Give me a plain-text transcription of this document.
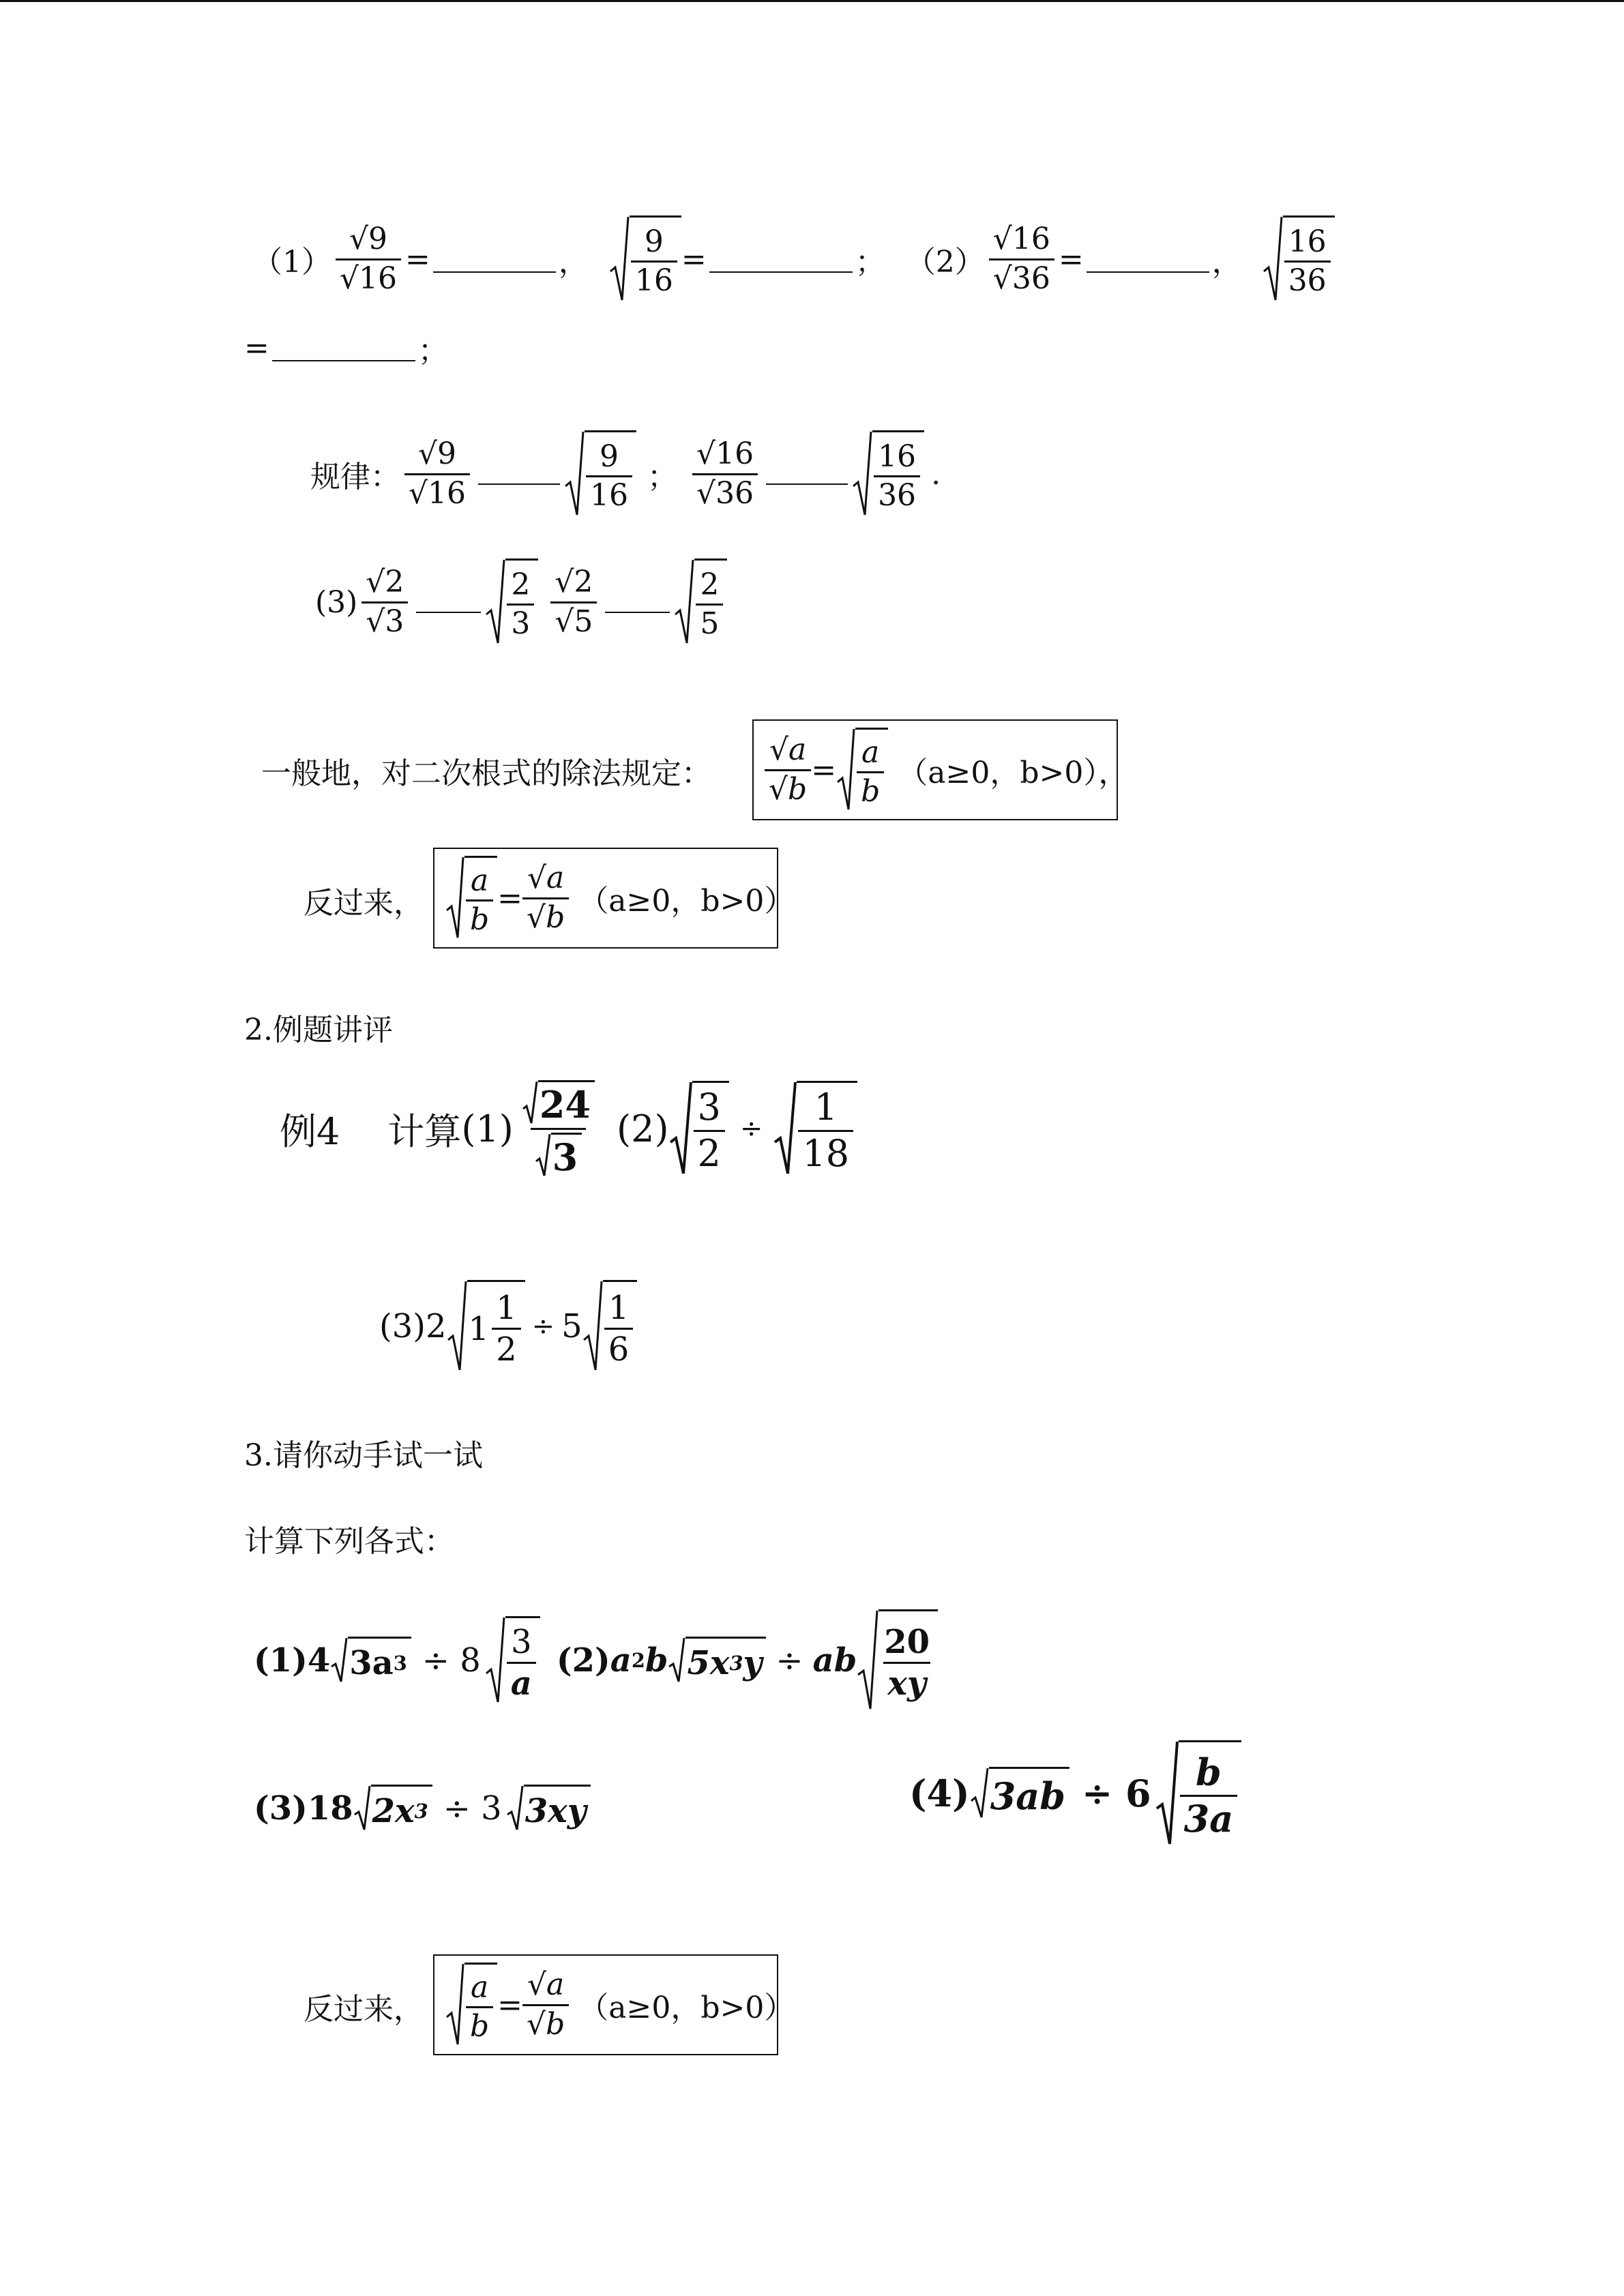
$(1) \frac{√9}{√16}$ =	， $\frac{9}{16}$ =	； $(2) \frac{√16}{√36}$ =	， $\frac{16}{36}$
=	；
规律： $\frac{√9}{√16}$	$\frac{9}{16}$ ； $\frac{√16}{√36}$	$\frac{16}{36}$ .
$(3) \frac{√2}{√3}$	$\frac{2}{3} \frac{√2}{√5}$	$\frac{2}{5}$
一般地，对二次根式的除法规定： $\frac{√a}{√b} = \frac{a}{b} (a\ge 0$，b>0），
反过来， $\frac{a}{b} = \frac{√a}{√b} (a\ge 0$，b>0）
2.例题讲评
例4 计算 $(1) \frac{24}{3} (2) \frac{3}{2} \div \frac{1}{18}$
(3) 2 $1 \frac{1}{2} \div 5 \frac{1}{6}$
3.请你动手试一试
计算下列各式：
(1)4 3a $3 \div 8 \frac{3}{a} (2)$ a 2 b 5x 3 y ÷ ab $\frac{20}{xy}$
(3)18 2x 3 ÷ 3 3xy	(4) $3ab \div 6 \frac{b}{3a}$
反过来， $\frac{a}{b} = \frac{√a}{√b} (a\ge 0$，b>0）
